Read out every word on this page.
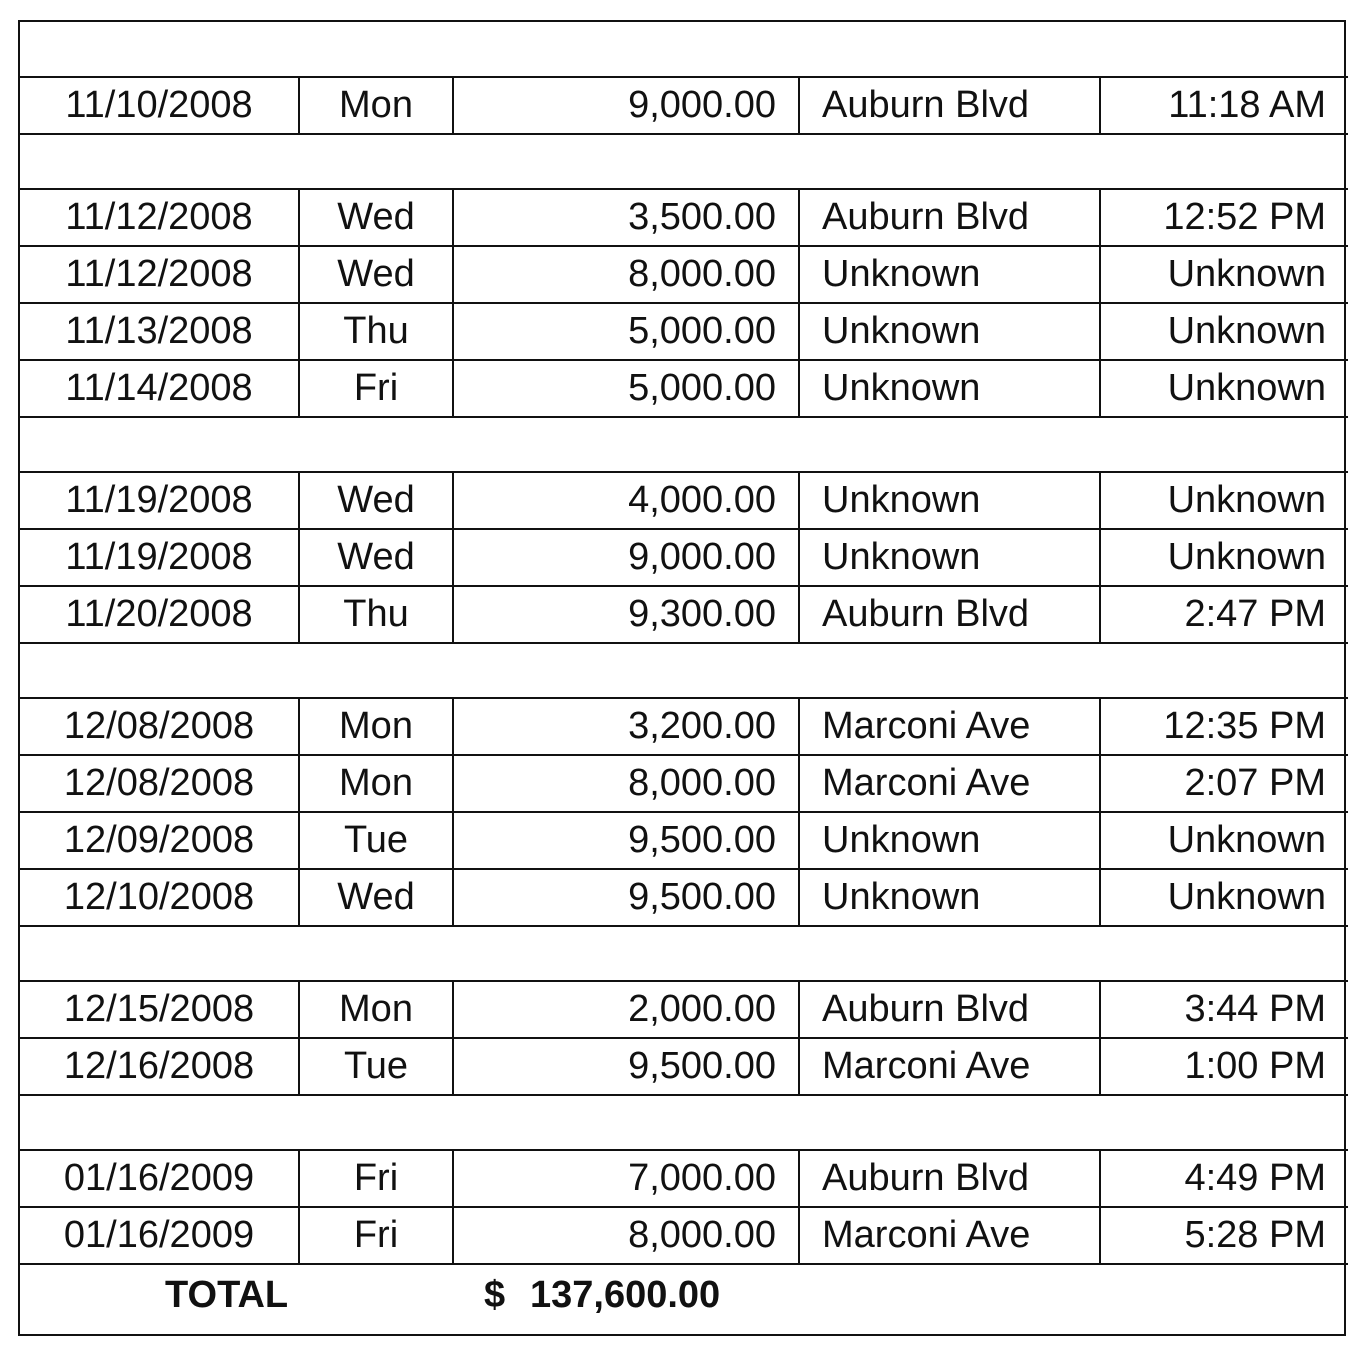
11/10/2008	Mon	9,000.00	Auburn Blvd	11:18 AM

11/12/2008	Wed	3,500.00	Auburn Blvd	12:52 PM
11/12/2008	Wed	8,000.00	Unknown	Unknown
11/13/2008	Thu	5,000.00	Unknown	Unknown
11/14/2008	Fri	5,000.00	Unknown	Unknown

11/19/2008	Wed	4,000.00	Unknown	Unknown
11/19/2008	Wed	9,000.00	Unknown	Unknown
11/20/2008	Thu	9,300.00	Auburn Blvd	2:47 PM

12/08/2008	Mon	3,200.00	Marconi Ave	12:35 PM
12/08/2008	Mon	8,000.00	Marconi Ave	2:07 PM
12/09/2008	Tue	9,500.00	Unknown	Unknown
12/10/2008	Wed	9,500.00	Unknown	Unknown

12/15/2008	Mon	2,000.00	Auburn Blvd	3:44 PM
12/16/2008	Tue	9,500.00	Marconi Ave	1:00 PM

01/16/2009	Fri	7,000.00	Auburn Blvd	4:49 PM
01/16/2009	Fri	8,000.00	Marconi Ave	5:28 PM
TOTAL	$ 137,600.00
